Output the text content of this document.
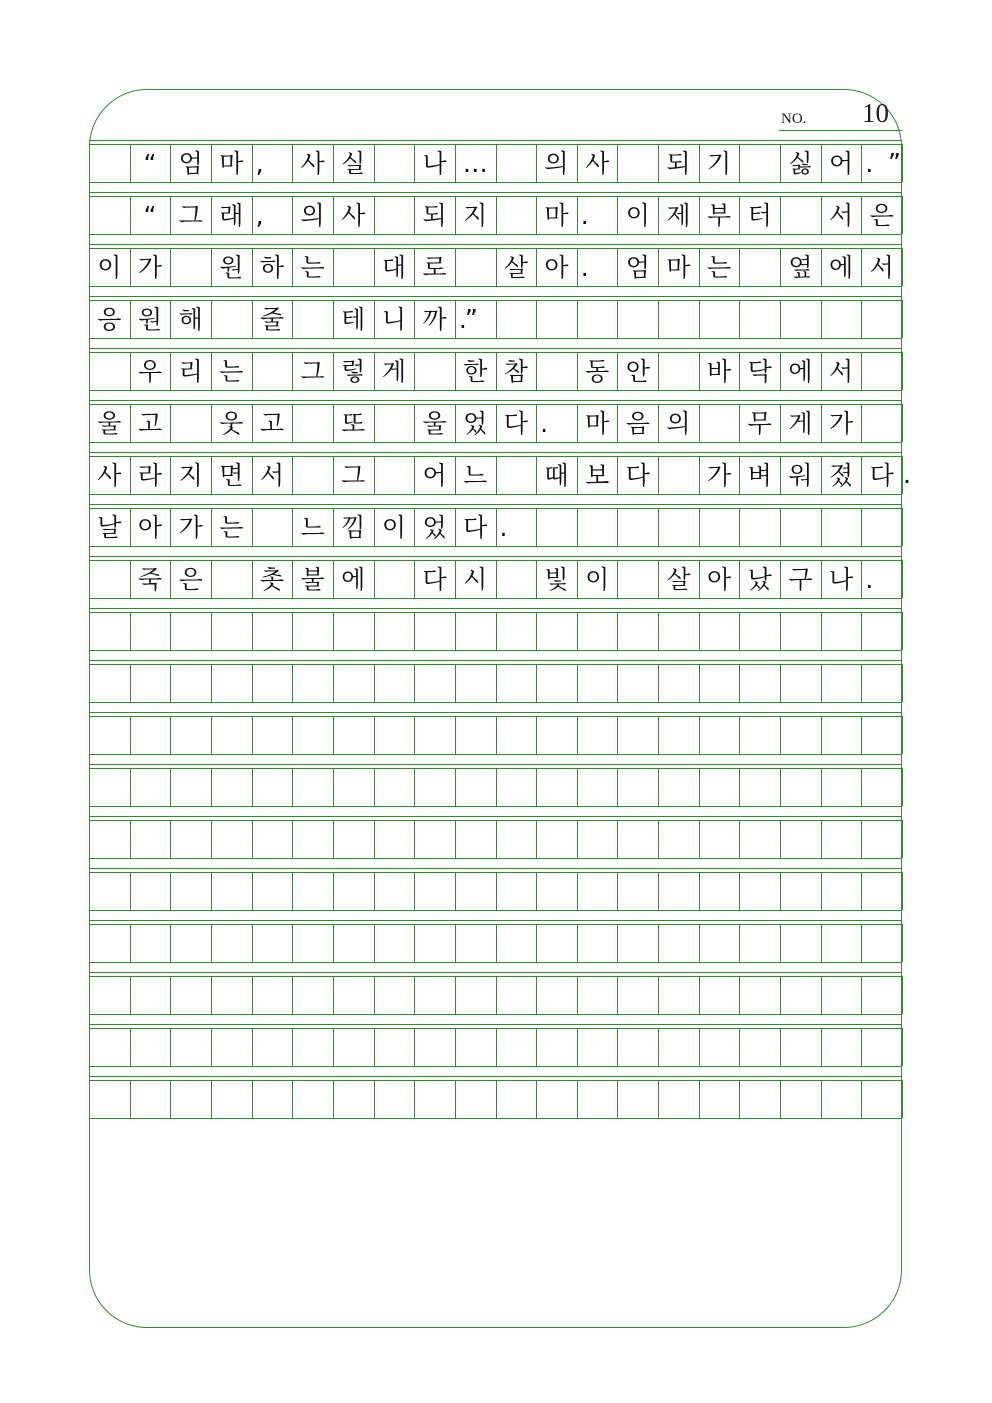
NO. 10
“ 엄 마 ,	사 실	나 …	의 사	되 기	싫 어 .
“ 그 래 ,	의 사	되 지	마 .	이 제 부 터	서 은
이 가	원 하 는	대 로	살 아 .	엄 마 는	옆 에 서
응 원 해	줄	테 니 까 .
우 리 는	그 렇 게	한 참	동 안	바 닥 에 서
울 고	웃 고	또	울 었 다 .	마 음 의	무 게 가
사 라 지 면 서	그	어 느	때 보 다	가 벼 워 졌 다
날 아 가 는	느 낌 이 었 다 .
죽 은	촛 불 에	다 시	빛 이	살 아 났 구 나 .
”
”
.
